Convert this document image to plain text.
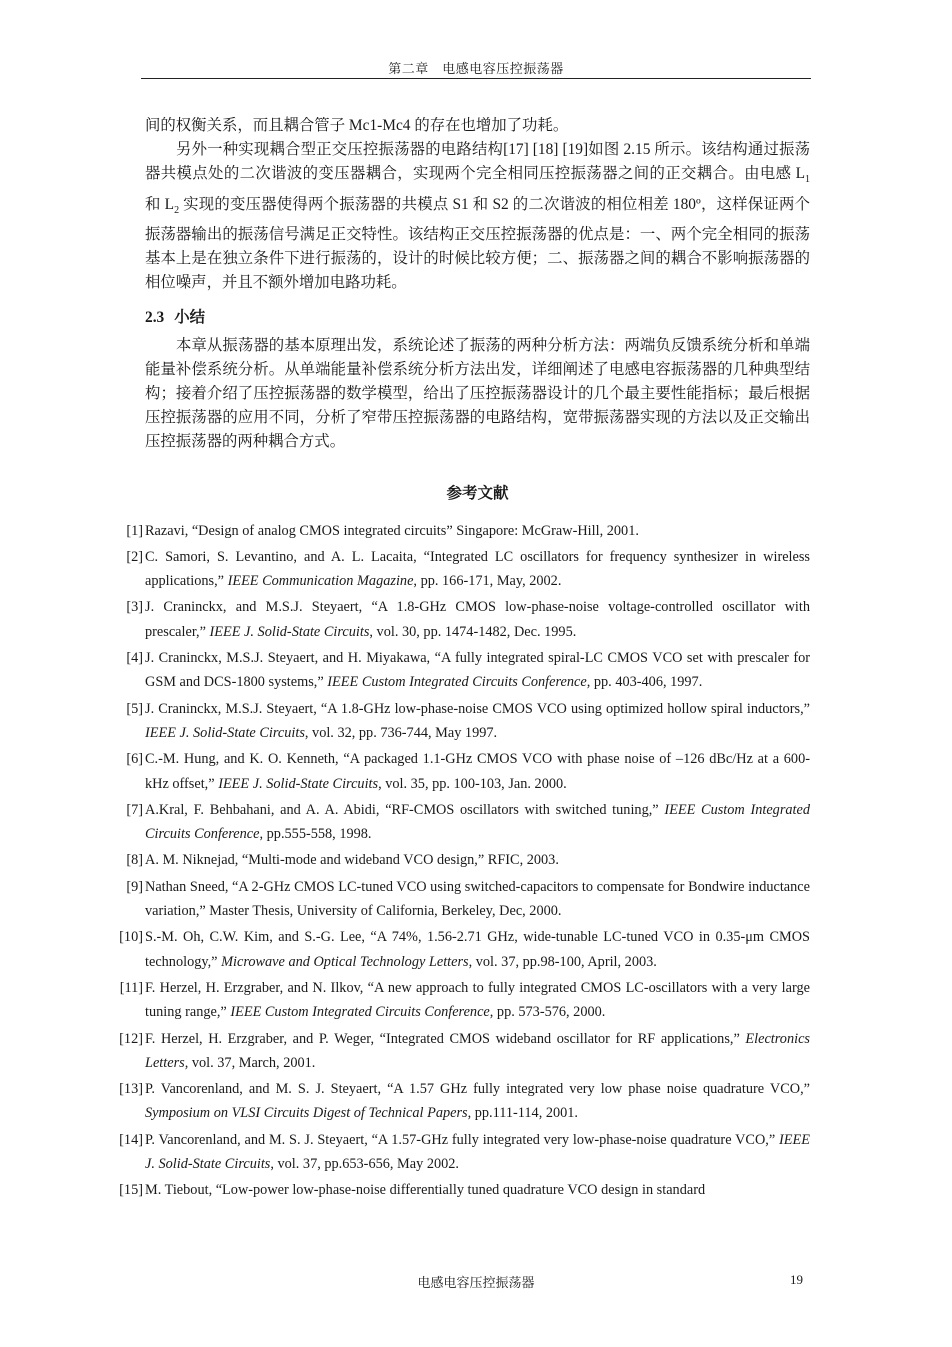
第二章　电感电容压控振荡器

间的权衡关系，而且耦合管子 Mc1-Mc4 的存在也增加了功耗。

另外一种实现耦合型正交压控振荡器的电路结构[17] [18] [19]如图 2.15 所示。该结构通过振荡器共模点处的二次谐波的变压器耦合，实现两个完全相同压控振荡器之间的正交耦合。由电感 $L_1$ 和 $L_2$ 实现的变压器使得两个振荡器的共模点 S1 和 S2 的二次谐波的相位相差 180º，这样保证两个振荡器输出的振荡信号满足正交特性。该结构正交压控振荡器的优点是：一、两个完全相同的振荡基本上是在独立条件下进行振荡的，设计的时候比较方便；二、振荡器之间的耦合不影响振荡器的相位噪声，并且不额外增加电路功耗。

2.3 小结

本章从振荡器的基本原理出发，系统论述了振荡的两种分析方法：两端负反馈系统分析和单端能量补偿系统分析。从单端能量补偿系统分析方法出发，详细阐述了电感电容振荡器的几种典型结构；接着介绍了压控振荡器的数学模型，给出了压控振荡器设计的几个最主要性能指标；最后根据压控振荡器的应用不同，分析了窄带压控振荡器的电路结构，宽带振荡器实现的方法以及正交输出压控振荡器的两种耦合方式。

参考文献
[1] Razavi, “Design of analog CMOS integrated circuits” Singapore: McGraw-Hill, 2001.
[2] C. Samori, S. Levantino, and A. L. Lacaita, “Integrated LC oscillators for frequency synthesizer in wireless applications,” IEEE Communication Magazine, pp. 166-171, May, 2002.
[3] J. Craninckx, and M.S.J. Steyaert, “A 1.8-GHz CMOS low-phase-noise voltage-controlled oscillator with prescaler,” IEEE J. Solid-State Circuits, vol. 30, pp. 1474-1482, Dec. 1995.
[4] J. Craninckx, M.S.J. Steyaert, and H. Miyakawa, “A fully integrated spiral-LC CMOS VCO set with prescaler for GSM and DCS-1800 systems,” IEEE Custom Integrated Circuits Conference, pp. 403-406, 1997.
[5] J. Craninckx, M.S.J. Steyaert, “A 1.8-GHz low-phase-noise CMOS VCO using optimized hollow spiral inductors,” IEEE J. Solid-State Circuits, vol. 32, pp. 736-744, May 1997.
[6] C.-M. Hung, and K. O. Kenneth, “A packaged 1.1-GHz CMOS VCO with phase noise of –126 dBc/Hz at a 600-kHz offset,” IEEE J. Solid-State Circuits, vol. 35, pp. 100-103, Jan. 2000.
[7] A.Kral, F. Behbahani, and A. A. Abidi, “RF-CMOS oscillators with switched tuning,” IEEE Custom Integrated Circuits Conference, pp.555-558, 1998.
[8] A. M. Niknejad, “Multi-mode and wideband VCO design,” RFIC, 2003.
[9] Nathan Sneed, “A 2-GHz CMOS LC-tuned VCO using switched-capacitors to compensate for Bondwire inductance variation,” Master Thesis, University of California, Berkeley, Dec, 2000.
[10] S.-M. Oh, C.W. Kim, and S.-G. Lee, “A 74%, 1.56-2.71 GHz, wide-tunable LC-tuned VCO in 0.35-μm CMOS technology,” Microwave and Optical Technology Letters, vol. 37, pp.98-100, April, 2003.
[11] F. Herzel, H. Erzgraber, and N. Ilkov, “A new approach to fully integrated CMOS LC-oscillators with a very large tuning range,” IEEE Custom Integrated Circuits Conference, pp. 573-576, 2000.
[12] F. Herzel, H. Erzgraber, and P. Weger, “Integrated CMOS wideband oscillator for RF applications,” Electronics Letters, vol. 37, March, 2001.
[13] P. Vancorenland, and M. S. J. Steyaert, “A 1.57 GHz fully integrated very low phase noise quadrature VCO,” Symposium on VLSI Circuits Digest of Technical Papers, pp.111-114, 2001.
[14] P. Vancorenland, and M. S. J. Steyaert, “A 1.57-GHz fully integrated very low-phase-noise quadrature VCO,” IEEE J. Solid-State Circuits, vol. 37, pp.653-656, May 2002.
[15] M. Tiebout, “Low-power low-phase-noise differentially tuned quadrature VCO design in standard
电感电容压控振荡器	19
